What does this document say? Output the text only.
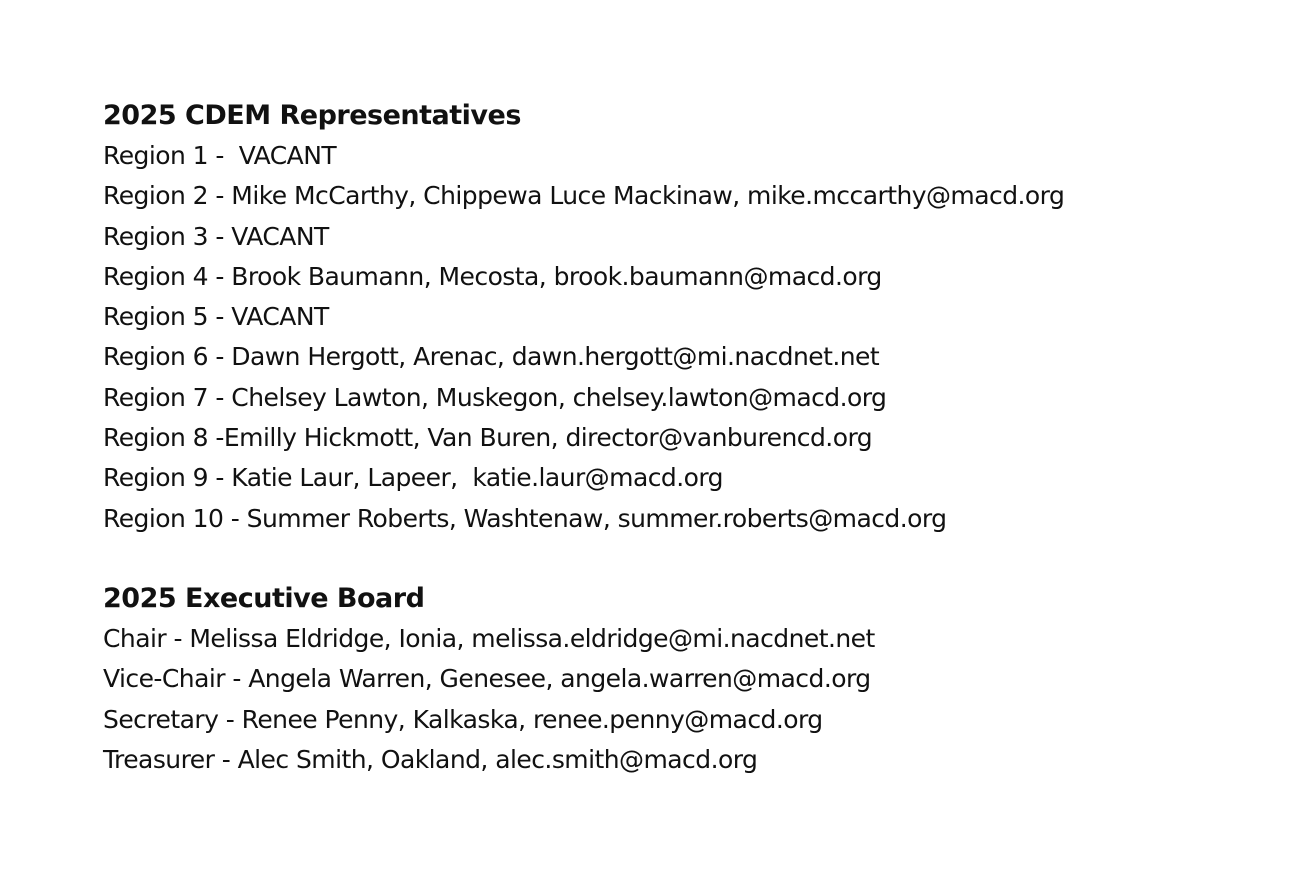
2025 CDEM Representatives
Region 1 -  VACANT
Region 2 - Mike McCarthy, Chippewa Luce Mackinaw, mike.mccarthy@macd.org
Region 3 - VACANT
Region 4 - Brook Baumann, Mecosta, brook.baumann@macd.org
Region 5 - VACANT
Region 6 - Dawn Hergott, Arenac, dawn.hergott@mi.nacdnet.net
Region 7 - Chelsey Lawton, Muskegon, chelsey.lawton@macd.org
Region 8 -Emilly Hickmott, Van Buren, director@vanburencd.org
Region 9 - Katie Laur, Lapeer,  katie.laur@macd.org
Region 10 - Summer Roberts, Washtenaw, summer.roberts@macd.org
2025 Executive Board
Chair - Melissa Eldridge, Ionia, melissa.eldridge@mi.nacdnet.net
Vice-Chair - Angela Warren, Genesee, angela.warren@macd.org
Secretary - Renee Penny, Kalkaska, renee.penny@macd.org
Treasurer - Alec Smith, Oakland, alec.smith@macd.org
